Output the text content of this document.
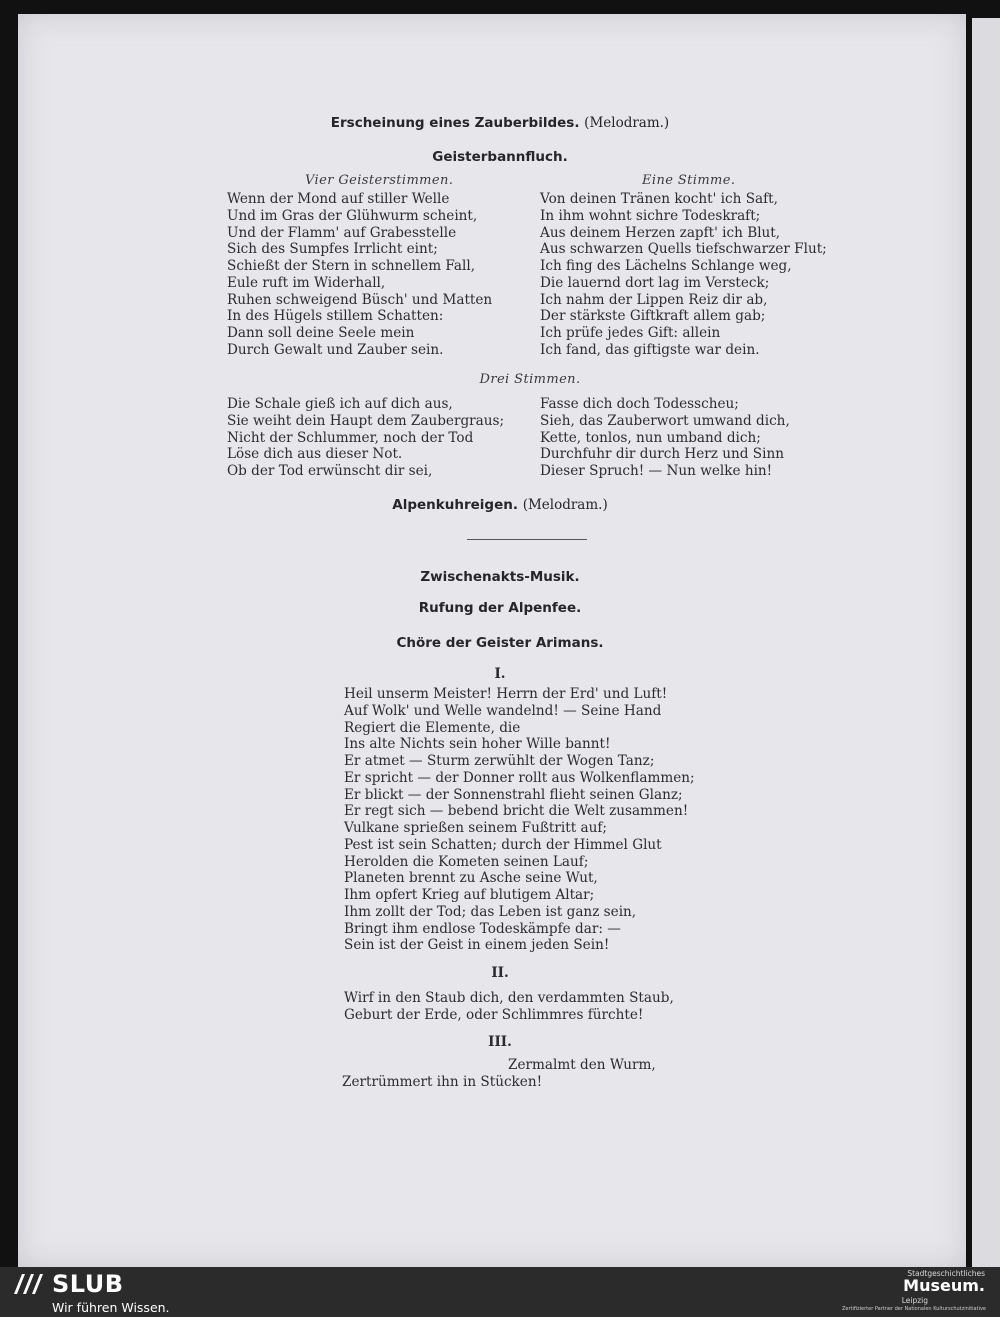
Erscheinung eines Zauberbildes. (Melodram.)
Geisterbannfluch.
Vier Geisterstimmen.	Eine Stimme.
Wenn der Mond auf stiller Welle
Und im Gras der Glühwurm scheint,
Und der Flamm' auf Grabesstelle
Sich des Sumpfes Irrlicht eint;
Schießt der Stern in schnellem Fall,
Eule ruft im Widerhall,
Ruhen schweigend Büsch' und Matten
In des Hügels stillem Schatten:
Dann soll deine Seele mein
Durch Gewalt und Zauber sein.
Von deinen Tränen kocht' ich Saft,
In ihm wohnt sichre Todeskraft;
Aus deinem Herzen zapft' ich Blut,
Aus schwarzen Quells tiefschwarzer Flut;
Ich fing des Lächelns Schlange weg,
Die lauernd dort lag im Versteck;
Ich nahm der Lippen Reiz dir ab,
Der stärkste Giftkraft allem gab;
Ich prüfe jedes Gift: allein
Ich fand, das giftigste war dein.
Drei Stimmen.
Die Schale gieß ich auf dich aus,
Sie weiht dein Haupt dem Zaubergraus;
Nicht der Schlummer, noch der Tod
Löse dich aus dieser Not.
Ob der Tod erwünscht dir sei,
Fasse dich doch Todesscheu;
Sieh, das Zauberwort umwand dich,
Kette, tonlos, nun umband dich;
Durchfuhr dir durch Herz und Sinn
Dieser Spruch! — Nun welke hin!
Alpenkuhreigen. (Melodram.)
Zwischenakts-Musik.
Rufung der Alpenfee.
Chöre der Geister Arimans.
I.
Heil unserm Meister! Herrn der Erd' und Luft!
Auf Wolk' und Welle wandelnd! — Seine Hand
Regiert die Elemente, die
Ins alte Nichts sein hoher Wille bannt!
Er atmet — Sturm zerwühlt der Wogen Tanz;
Er spricht — der Donner rollt aus Wolkenflammen;
Er blickt — der Sonnenstrahl flieht seinen Glanz;
Er regt sich — bebend bricht die Welt zusammen!
Vulkane sprießen seinem Fußtritt auf;
Pest ist sein Schatten; durch der Himmel Glut
Herolden die Kometen seinen Lauf;
Planeten brennt zu Asche seine Wut,
Ihm opfert Krieg auf blutigem Altar;
Ihm zollt der Tod; das Leben ist ganz sein,
Bringt ihm endlose Todeskämpfe dar: —
Sein ist der Geist in einem jeden Sein!
II.
Wirf in den Staub dich, den verdammten Staub,
Geburt der Erde, oder Schlimmres fürchte!
III.
Zermalmt den Wurm,
Zertrümmert ihn in Stücken!
SLUB
Wir führen Wissen.
Stadtgeschichtliches
Museum.
Leipzig
Zertifizierter Partner der Nationalen Kulturschutzinitiative
